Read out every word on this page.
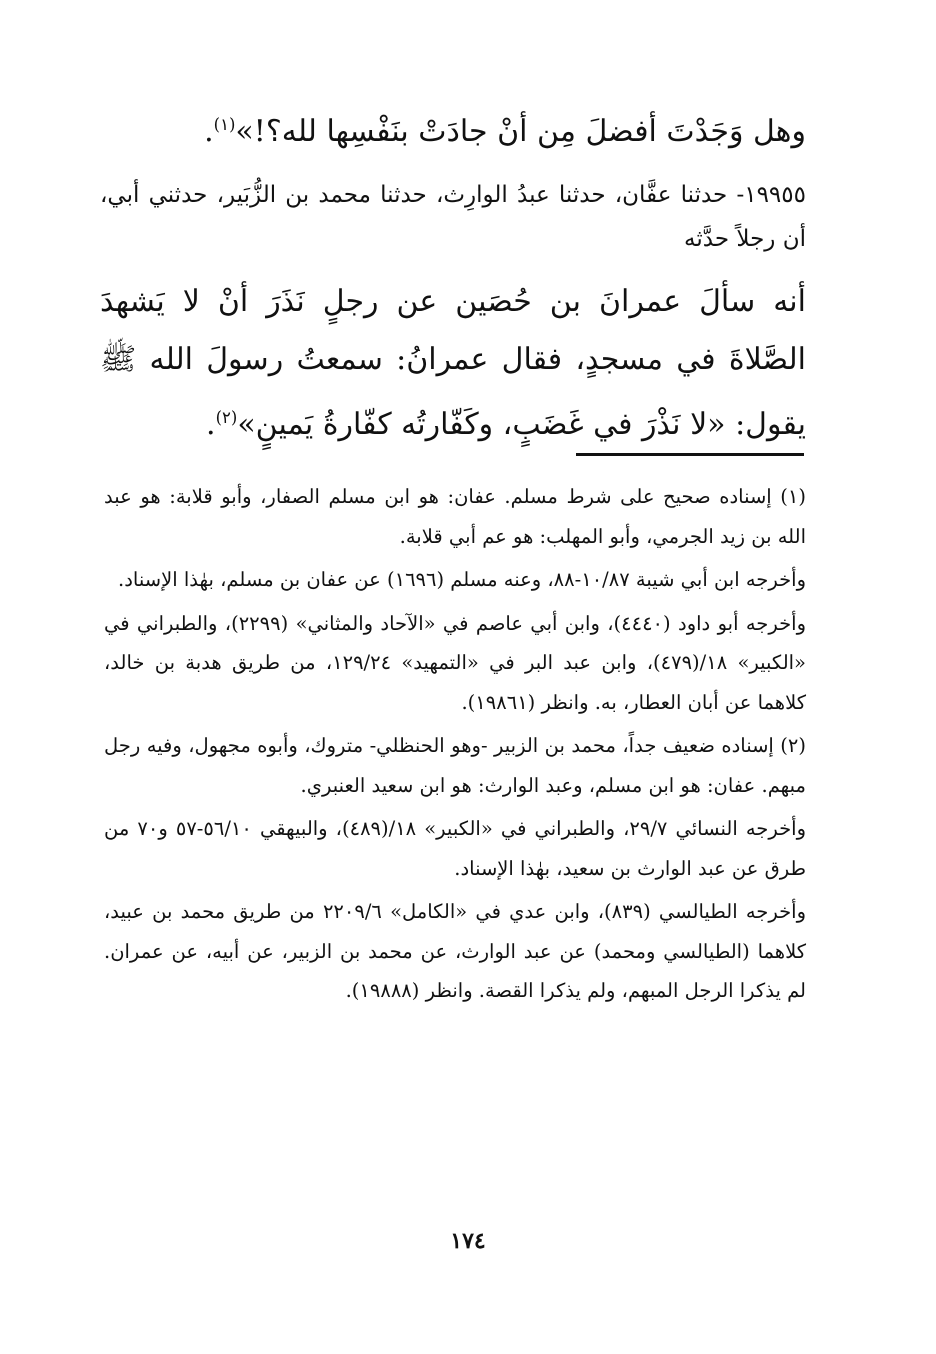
وهل وَجَدْتَ أفضلَ مِن أنْ جادَتْ بنَفْسِها لله؟!»$^{(١)}$.

١٩٩٥٥- حدثنا عفَّان، حدثنا عبدُ الوارِث، حدثنا محمد بن الزُّبَير، حدثني أبي، أن رجلاً حدَّثه

أنه سألَ عمرانَ بن حُصَين عن رجلٍ نَذَرَ أنْ لا يَشهدَ الصَّلاةَ في مسجدٍ، فقال عمرانُ: سمعتُ رسولَ الله ﷺ يقول: «لا نَذْرَ في غَضَبٍ، وكَفّارتُه كفّارةُ يَمينٍ»$^{(٢)}$.

(١) إسناده صحيح على شرط مسلم. عفان: هو ابن مسلم الصفار، وأبو قلابة: هو عبد الله بن زيد الجرمي، وأبو المهلب: هو عم أبي قلابة.

وأخرجه ابن أبي شيبة ١٠/٨٧-٨٨، وعنه مسلم (١٦٩٦) عن عفان بن مسلم، بهٰذا الإسناد.

وأخرجه أبو داود (٤٤٤٠)، وابن أبي عاصم في «الآحاد والمثاني» (٢٢٩٩)، والطبراني في «الكبير» ١٨/(٤٧٩)، وابن عبد البر في «التمهيد» ١٢٩/٢٤، من طريق هدبة بن خالد، كلاهما عن أبان العطار، به. وانظر (١٩٨٦١).

(٢) إسناده ضعيف جداً، محمد بن الزبير -وهو الحنظلي- متروك، وأبوه مجهول، وفيه رجل مبهم. عفان: هو ابن مسلم، وعبد الوارث: هو ابن سعيد العنبري.

وأخرجه النسائي ٢٩/٧، والطبراني في «الكبير» ١٨/(٤٨٩)، والبيهقي ٥٦/١٠-٥٧ و٧٠ من طرق عن عبد الوارث بن سعيد، بهٰذا الإسناد.

وأخرجه الطيالسي (٨٣٩)، وابن عدي في «الكامل» ٢٢٠٩/٦ من طريق محمد بن عبيد، كلاهما (الطيالسي ومحمد) عن عبد الوارث، عن محمد بن الزبير، عن أبيه، عن عمران. لم يذكرا الرجل المبهم، ولم يذكرا القصة. وانظر (١٩٨٨٨).

١٧٤
